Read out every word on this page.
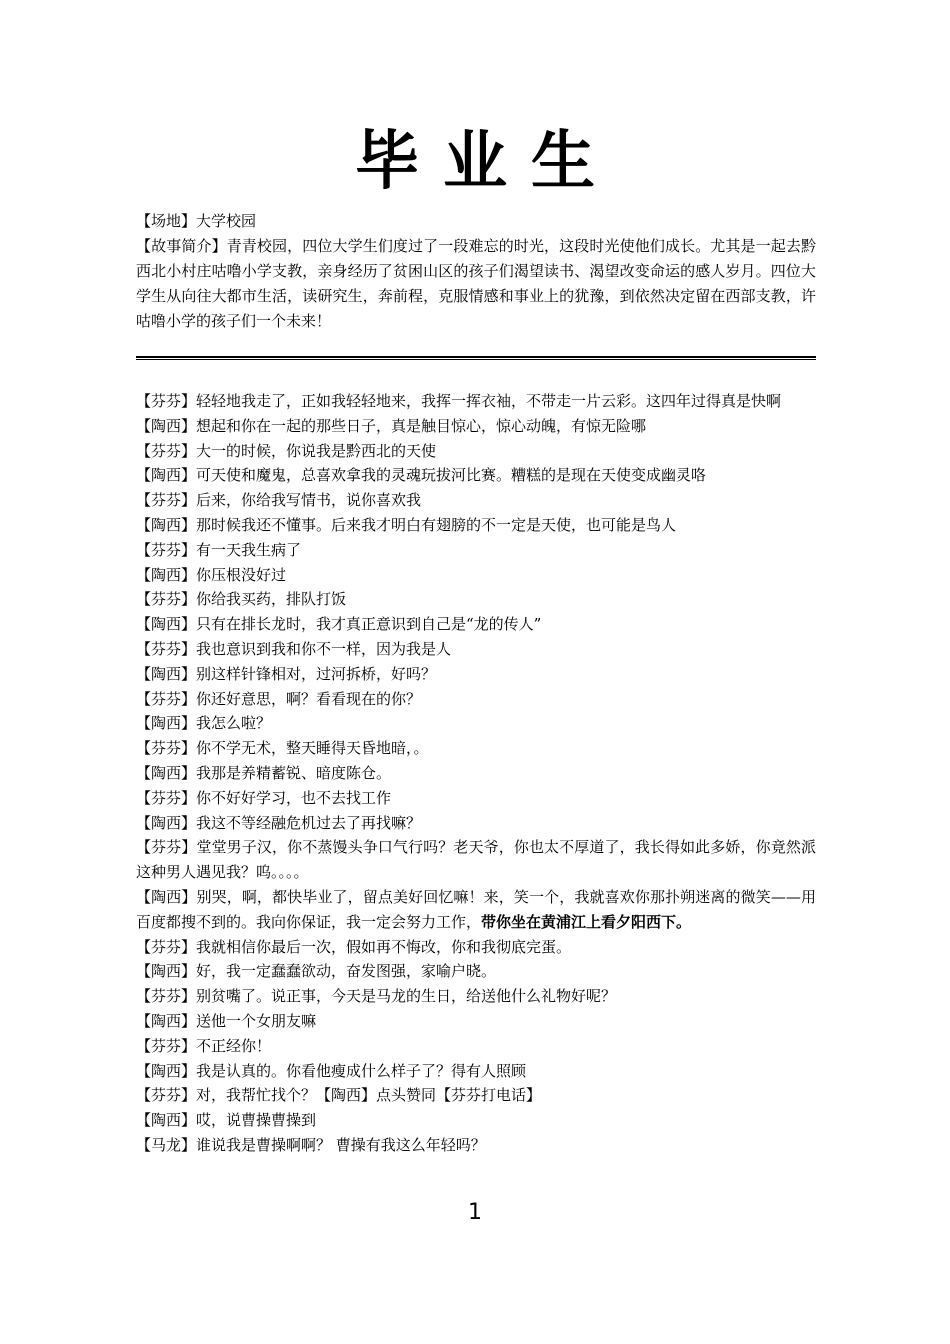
毕业生

【场地】大学校园

【故事简介】青青校园，四位大学生们度过了一段难忘的时光，这段时光使他们成长。尤其是一起去黔西北小村庄咕噜小学支教，亲身经历了贫困山区的孩子们渴望读书、渴望改变命运的感人岁月。四位大学生从向往大都市生活，读研究生，奔前程，克服情感和事业上的犹豫，到依然决定留在西部支教，许咕噜小学的孩子们一个未来！

【芬芬】轻轻地我走了，正如我轻轻地来，我挥一挥衣袖，不带走一片云彩。这四年过得真是快啊

【陶西】想起和你在一起的那些日子，真是触目惊心，惊心动魄，有惊无险哪

【芬芬】大一的时候，你说我是黔西北的天使

【陶西】可天使和魔鬼，总喜欢拿我的灵魂玩拔河比赛。糟糕的是现在天使变成幽灵咯

【芬芬】后来，你给我写情书，说你喜欢我

【陶西】那时候我还不懂事。后来我才明白有翅膀的不一定是天使，也可能是鸟人

【芬芬】有一天我生病了

【陶西】你压根没好过

【芬芬】你给我买药，排队打饭

【陶西】只有在排长龙时，我才真正意识到自己是“龙的传人”

【芬芬】我也意识到我和你不一样，因为我是人

【陶西】别这样针锋相对，过河拆桥，好吗？

【芬芬】你还好意思，啊？看看现在的你？

【陶西】我怎么啦？

【芬芬】你不学无术，整天睡得天昏地暗，。

【陶西】我那是养精蓄锐、暗度陈仓。

【芬芬】你不好好学习，也不去找工作

【陶西】我这不等经融危机过去了再找嘛？

【芬芬】堂堂男子汉，你不蒸馒头争口气行吗？老天爷，你也太不厚道了，我长得如此多娇，你竟然派这种男人遇见我？呜。。。。

【陶西】别哭，啊，都快毕业了，留点美好回忆嘛！来，笑一个，我就喜欢你那扑朔迷离的微笑——用百度都搜不到的。我向你保证，我一定会努力工作，带你坐在黄浦江上看夕阳西下。

【芬芬】我就相信你最后一次，假如再不悔改，你和我彻底完蛋。

【陶西】好，我一定蠢蠢欲动，奋发图强，家喻户晓。

【芬芬】别贫嘴了。说正事，今天是马龙的生日，给送他什么礼物好呢？

【陶西】送他一个女朋友嘛

【芬芬】不正经你！

【陶西】我是认真的。你看他瘦成什么样子了？得有人照顾

【芬芬】对，我帮忙找个？【陶西】点头赞同【芬芬打电话】

【陶西】哎，说曹操曹操到

【马龙】谁说我是曹操啊啊？ 曹操有我这么年轻吗？

1
